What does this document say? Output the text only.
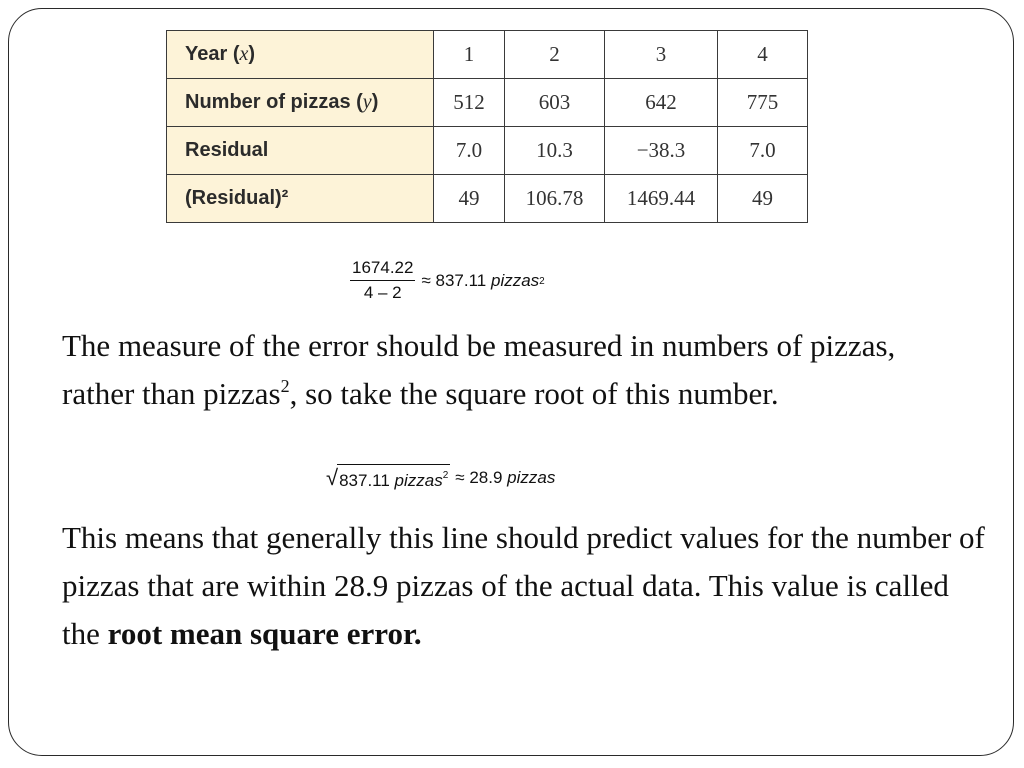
Year (x)	1	2	3	4
Number of pizzas (y)	512	603	642	775
Residual	7.0	10.3	−38.3	7.0
(Residual)²	49	106.78	1469.44	49
$\frac{1674.22}{4 - 2} \approx 837.11$
pizzas 2
The measure of the error should be measured in numbers of pizzas, rather than pizzas$^2$, so take the square root of this number.
√ 837.11 pizzas$^2$ ≈ 28.9
pizzas
This means that generally this line should predict values for the number of pizzas that are within 28.9 pizzas of the actual data. This value is called the root mean square error.
